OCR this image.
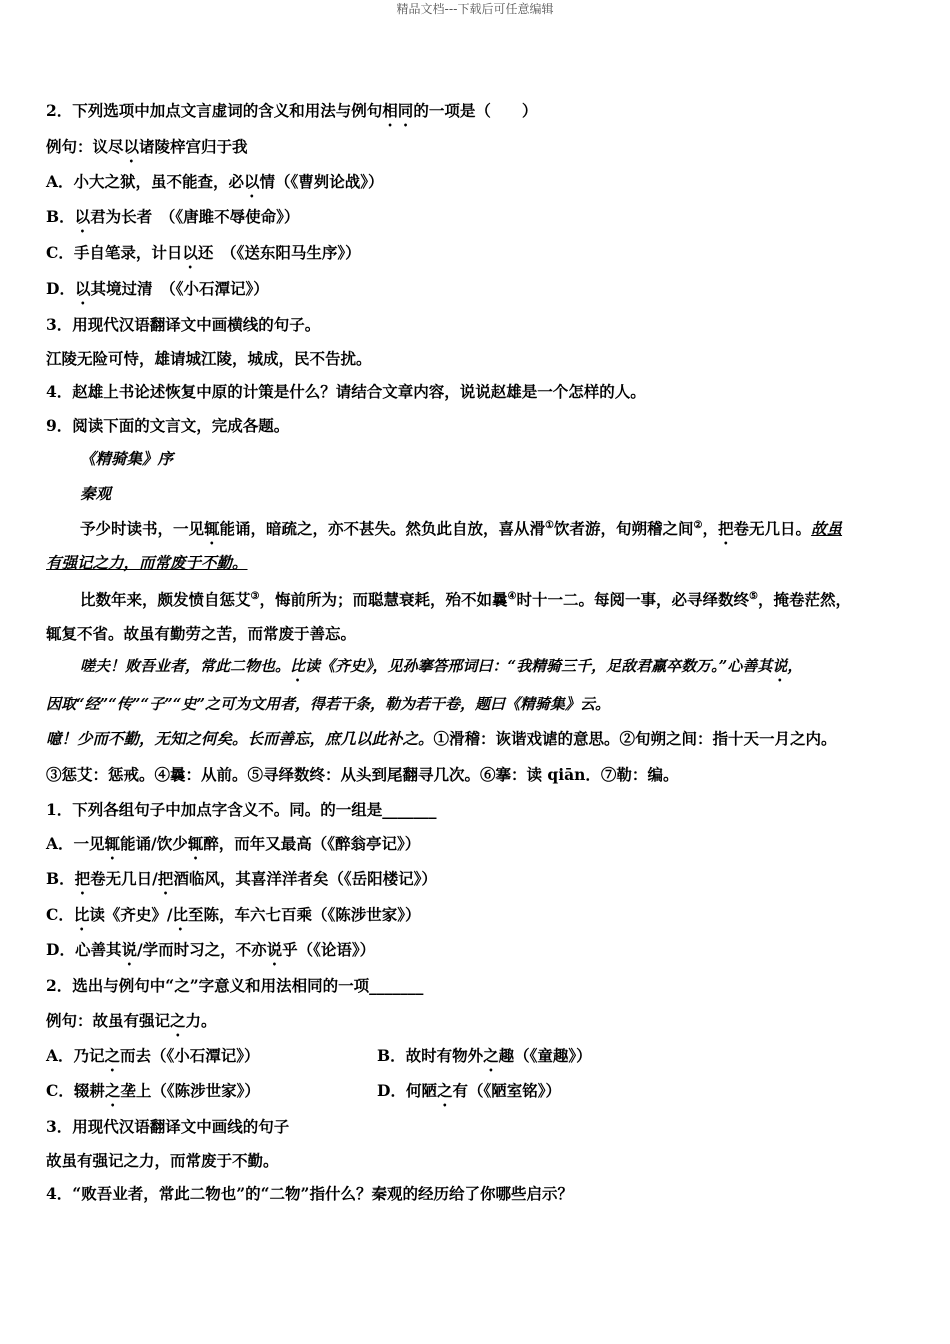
精品文档---下载后可任意编辑
2．下列选项中加点文言虚词的含义和用法与例句相同的一项是（　　）
例句：议尽以诸陵梓宫归于我
A．小大之狱，虽不能查，必以情（《曹刿论战》）
B．以君为长者　（《唐雎不辱使命》）
C．手自笔录，计日以还　（《送东阳马生序》）
D．以其境过清　（《小石潭记》）
3．用现代汉语翻译文中画横线的句子。
江陵无险可恃，雄请城江陵，城成，民不告扰。
4．赵雄上书论述恢复中原的计策是什么？请结合文章内容，说说赵雄是一个怎样的人。
9．阅读下面的文言文，完成各题。
《精骑集》序
秦观
予少时读书，一见辄能诵，暗疏之，亦不甚失。然负此自放，喜从滑①饮者游，旬朔稽之间②，把卷无几日。故虽
有强记之力，而常废于不勤。
比数年来，颇发愤自惩艾③，悔前所为；而聪慧衰耗，殆不如曩④时十一二。每阅一事，必寻绎数终⑤，掩卷茫然，
辄复不省。故虽有勤劳之苦，而常废于善忘。
嗟夫！败吾业者，常此二物也。比读《齐史》，见孙搴答邢词曰：“我精骑三千，足敌君羸卒数万。”心善其说，
因取“经”“传”“子”“史”之可为文用者，得若干条，勒为若干卷，题曰《精骑集》云。
噫！少而不勤，无知之何矣。长而善忘，庶几以此补之。①滑稽：诙谐戏谑的意思。②旬朔之间：指十天一月之内。
③惩艾：惩戒。④曩：从前。⑤寻绎数终：从头到尾翻寻几次。⑥搴：读 qiān．⑦勒：编。
1．下列各组句子中加点字含义不。同。的一组是_______
A．一见辄能诵/饮少辄醉，而年又最高（《醉翁亭记》）
B．把卷无几日/把酒临风，其喜洋洋者矣（《岳阳楼记》）
C．比读《齐史》/比至陈，车六七百乘（《陈涉世家》）
D．心善其说/学而时习之，不亦说乎（《论语》）
2．选出与例句中“之”字意义和用法相同的一项_______
例句：故虽有强记之力。
A．乃记之而去（《小石潭记》）	B．故时有物外之趣（《童趣》）
C．辍耕之垄上（《陈涉世家》）	D．何陋之有（《陋室铭》）
3．用现代汉语翻译文中画线的句子
故虽有强记之力，而常废于不勤。
4．“败吾业者，常此二物也”的“二物”指什么？秦观的经历给了你哪些启示？
